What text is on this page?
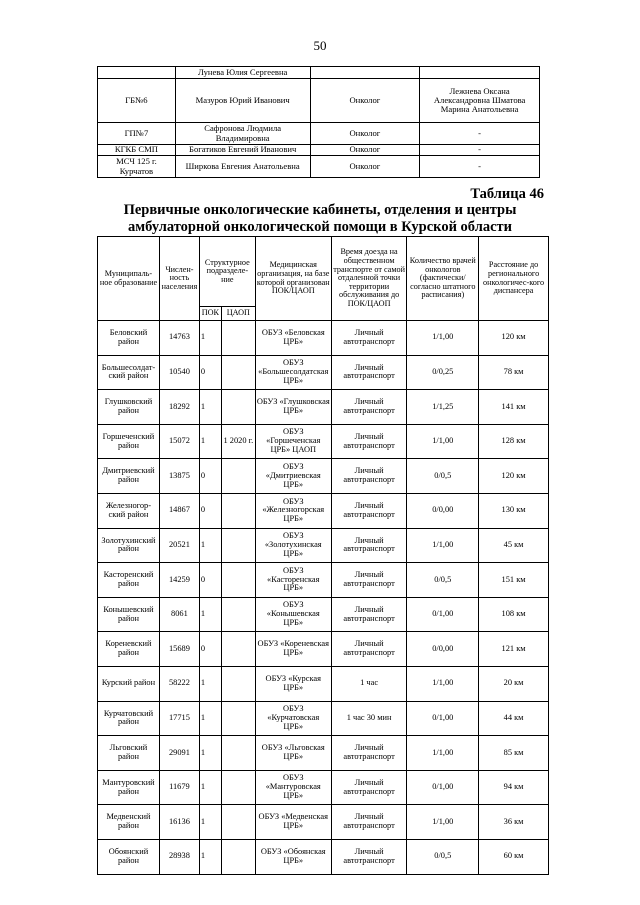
50
	Лунева Юлия Сергеевна		
ГБ№6	Мазуров Юрий Иванович	Онколог	Лежнева Оксана Александровна Шматова Марина Анатольевна
ГП№7	Сафронова Людмила Владимировна	Онколог	-
КГКБ СМП	Богатиков Евгений Иванович	Онколог	-
МСЧ 125 г. Курчатов	Ширкова Евгения Анатольевна	Онколог	-
Таблица 46
Первичные онкологические кабинеты, отделения и центры амбулаторной онкологической помощи в Курской области
Муниципаль-ное образование	Числен-ность населения	Структурное подразделе-ние		Медицинская организация, на базе которой организован ПОК/ЦАОП	Время доезда на общественном транспорте от самой отдаленной точки территории обслуживания до ПОК/ЦАОП	Количество врачей онкологов (фактически/ согласно штатного расписания)	Расстояние до регионального онкологичес-кого диспансера
		ПОК	ЦАОП				
Беловский район	14763	1		ОБУЗ «Беловская ЦРБ»	Личный автотранспорт	1/1,00	120 км
Большесолдат-ский район	10540	0		ОБУЗ «Большесолдатская ЦРБ»	Личный автотранспорт	0/0,25	78 км
Глушковский район	18292	1		ОБУЗ «Глушковская ЦРБ»	Личный автотранспорт	1/1,25	141 км
Горшеченский район	15072	1	1 2020 г.	ОБУЗ «Горшеченская ЦРБ» ЦАОП	Личный автотранспорт	1/1,00	128 км
Дмитриевский район	13875	0		ОБУЗ «Дмитриевская ЦРБ»	Личный автотранспорт	0/0,5	120 км
Железногор-ский район	14867	0		ОБУЗ «Железногорская ЦРБ»	Личный автотранспорт	0/0,00	130 км
Золотухинский район	20521	1		ОБУЗ «Золотухинская ЦРБ»	Личный автотранспорт	1/1,00	45 км
Касторенский район	14259	0		ОБУЗ «Касторенская ЦРБ»	Личный автотранспорт	0/0,5	151 км
Конышевский район	8061	1		ОБУЗ «Конышевская ЦРБ»	Личный автотранспорт	0/1,00	108 км
Кореневский район	15689	0		ОБУЗ «Кореневская ЦРБ»	Личный автотранспорт	0/0,00	121 км
Курский район	58222	1		ОБУЗ «Курская ЦРБ»	1 час	1/1,00	20 км
Курчатовский район	17715	1		ОБУЗ «Курчатовская ЦРБ»	1 час 30 мин	0/1,00	44 км
Льговский район	29091	1		ОБУЗ «Льговская ЦРБ»	Личный автотранспорт	1/1,00	85 км
Мантуровский район	11679	1		ОБУЗ «Мантуровская ЦРБ»	Личный автотранспорт	0/1,00	94 км
Медвенский район	16136	1		ОБУЗ «Медвенская ЦРБ»	Личный автотранспорт	1/1,00	36 км
Обоянский район	28938	1		ОБУЗ «Обоянская ЦРБ»	Личный автотранспорт	0/0,5	60 км
